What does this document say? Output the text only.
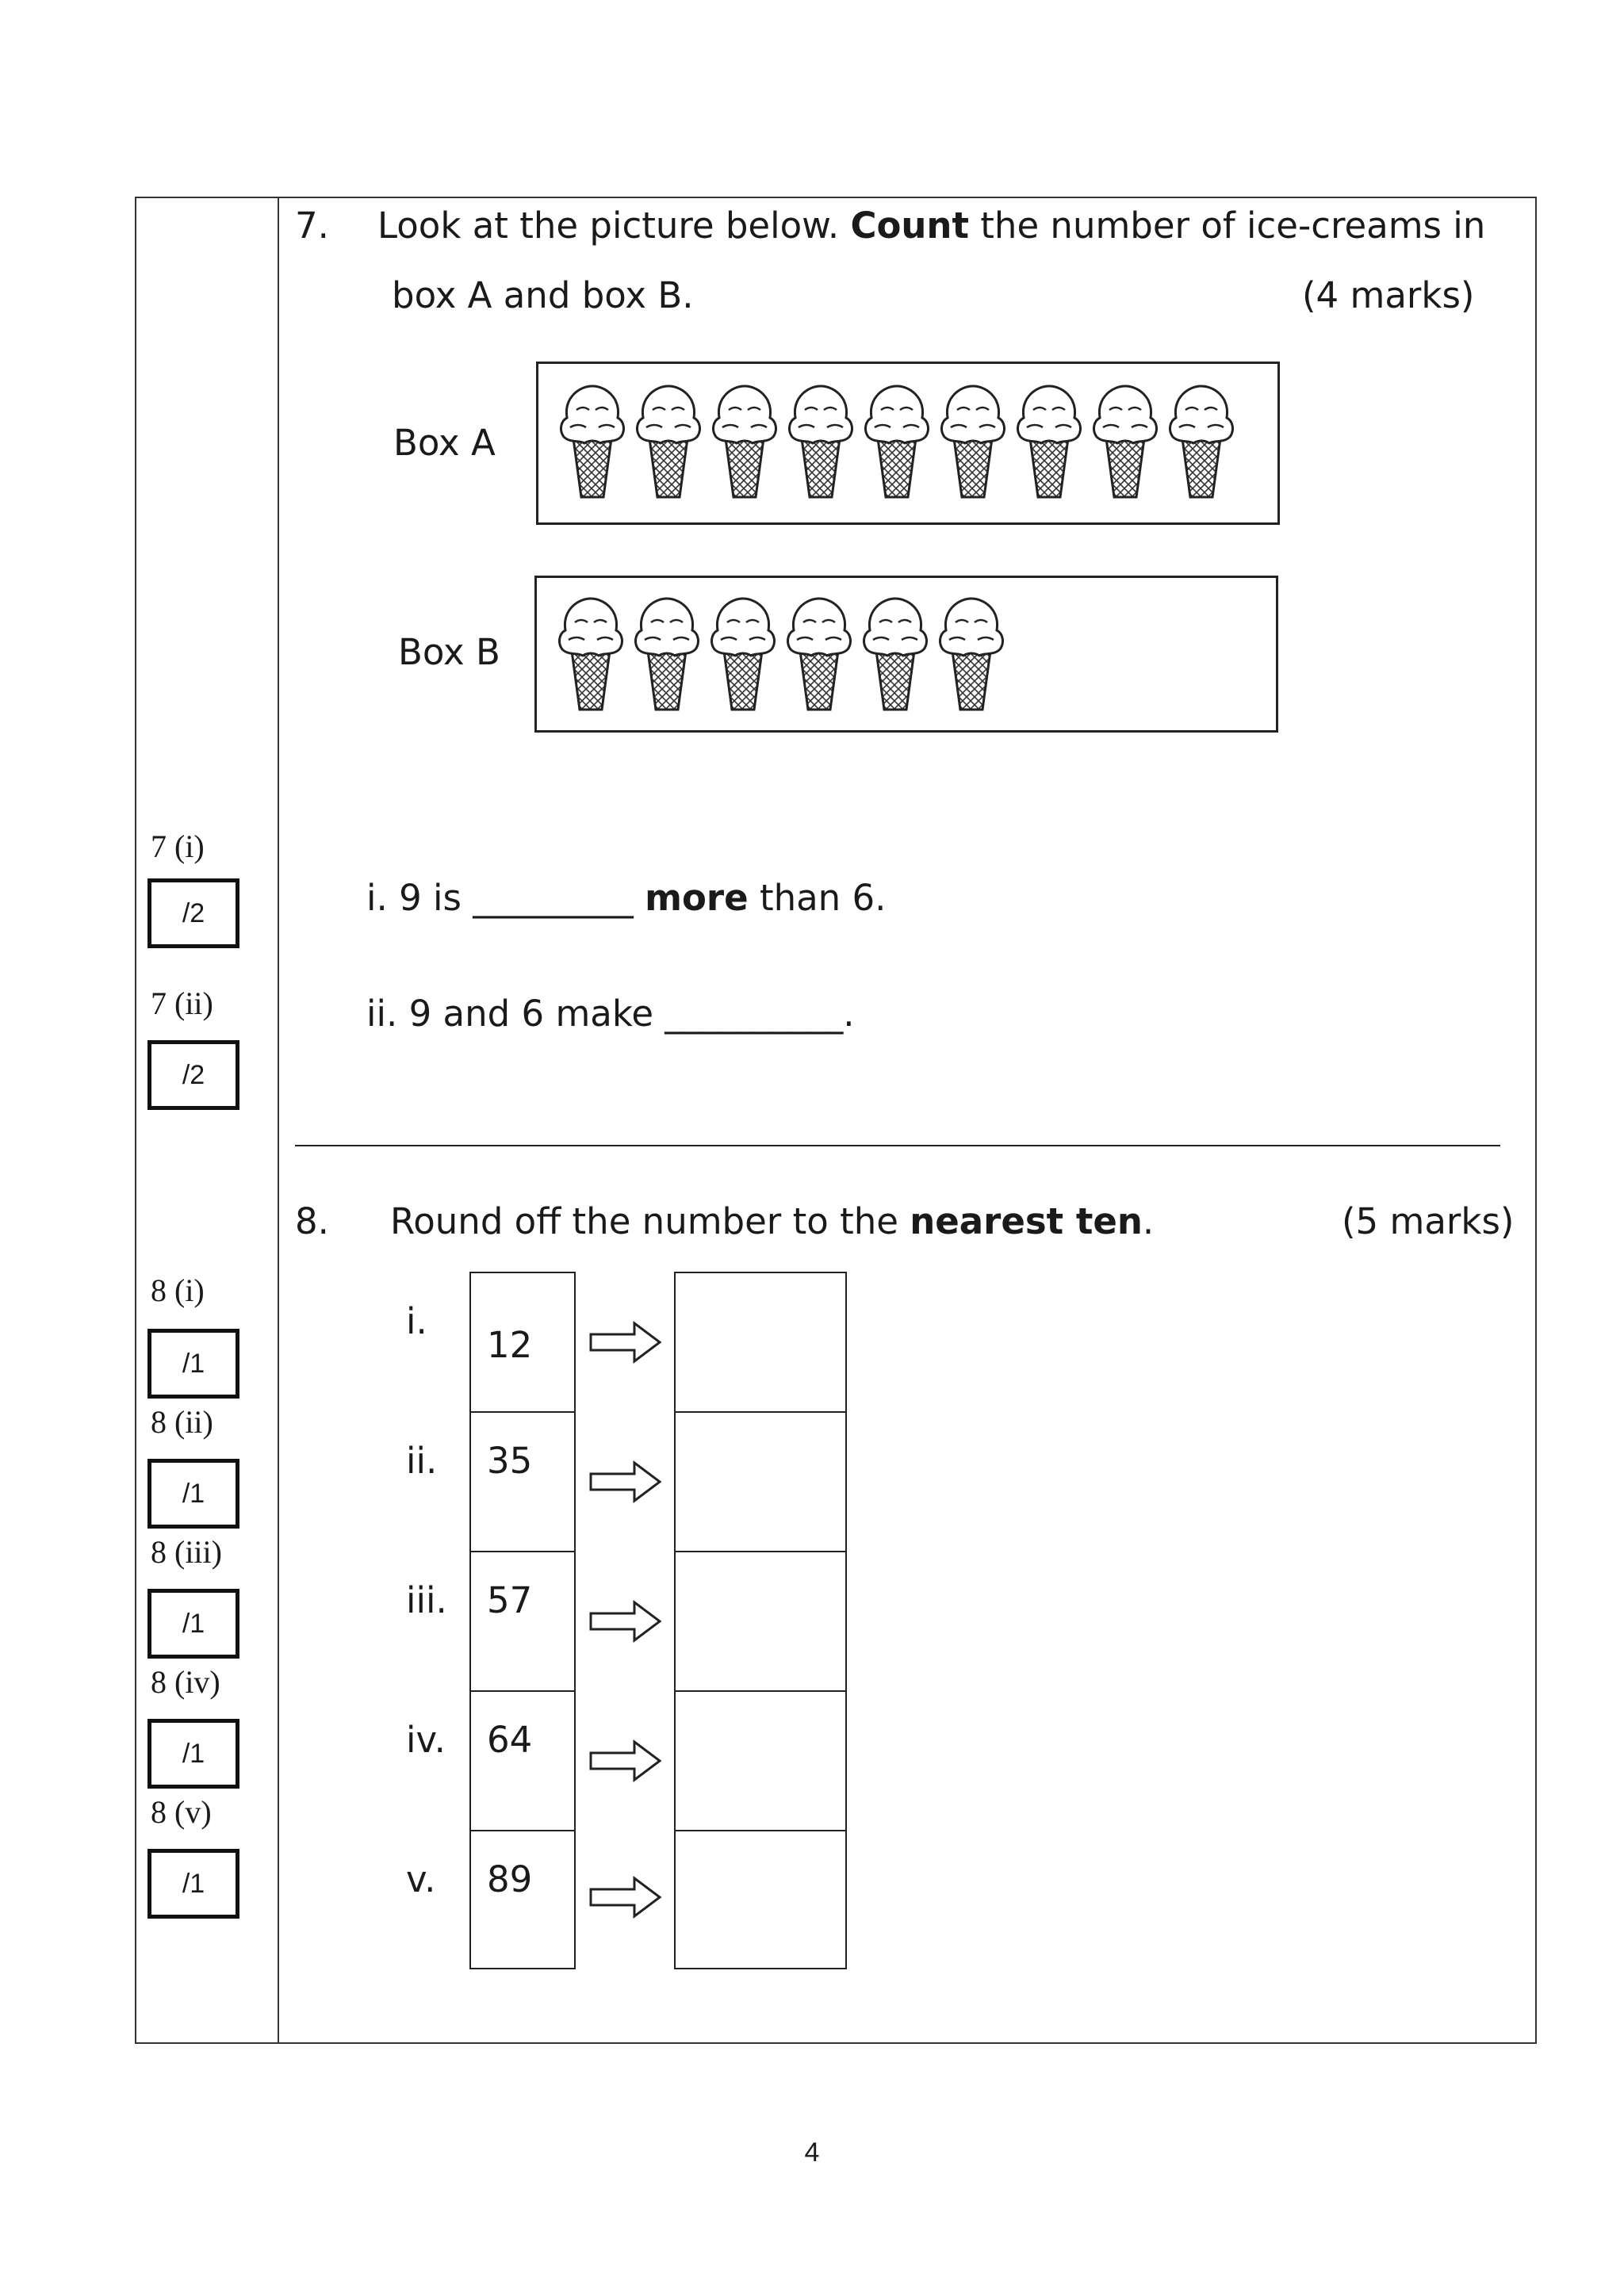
7. Look at the picture below. Count the number of ice-creams in
box A and box B.	(4 marks)
Box A
Box B
7 (i)
/2
7 (ii)
/2
i. 9 is _________ more than 6.
ii. 9 and 6 make __________.
8. Round off the number to the nearest ten.	(5 marks)
i.
12
ii. 35
iii. 57
iv. 64
v. 89
8 (i)
/1
8 (ii)
/1
8 (iii)
/1
8 (iv)
/1
8 (v)
/1
4
